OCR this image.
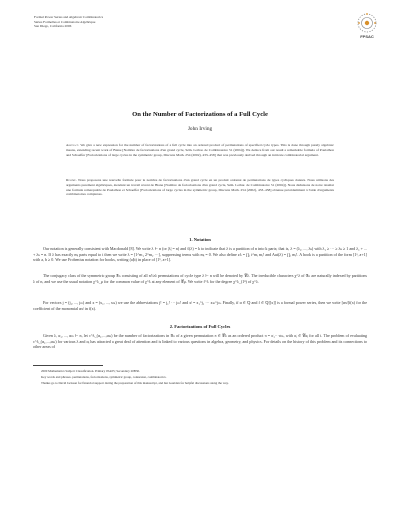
Formal Power Series and Algebraic Combinatorics
Séries Formelles et Combinatoire Algébrique
San Diego, California 2006
FPSAC
On the Number of Factorizations of a Full Cycle
John Irving
Abstract. We give a new expression for the number of factorizations of a full cycle into an ordered product of permutations of specified cycle types. This is done through purely algebraic means, extending recent work of Biane [Nombre de factorisations d'un grand cycle, Sém. Lothar. de Combinatoire 51 (2004)]. We deduce from our result a remarkable formula of Poulalhon and Schaeffer [Factorizations of large cycles in the symmetric group, Discrete Math. 254 (2002), 433–458] that was previously derived through an intricate combinatorial argument.
Résumé. Nous proposons une nouvelle formule pour le nombre de factorisations d'un grand cycle en un produit ordonné de permutations de types cycliques donnés. Nous utilisons des arguments purement algébriques, étendant un travail récent de Biane [Nombre de factorisations d'un grand cycle, Sém. Lothar. de Combinatoire 51 (2004)]. Nous déduisons de notre résultat une formule remarquable de Poulalhon et Schaeffer [Factorizations of large cycles in the symmetric group, Discrete Math. 254 (2002), 433–458] obtenue précédemment à l'aide d'arguments combinatoires complexes.
1. Notation
Our notation is generally consistent with Macdonald [8]. We write λ ⊢ n (or |λ| = n) and ℓ(λ) = k to indicate that λ is a partition of n into k parts; that is, λ = (λ₁, ..., λₖ) with λ₁ ≥ ··· ≥ λₖ ≥ 1 and λ₁ + ... + λₖ = n. If λ has exactly mᵢ parts equal to i then we write λ = [1^m₁ 2^m₂ ···], suppressing terms with mᵢ = 0. We also define zλ = ∏ᵢ i^mᵢ mᵢ! and Aut(λ) = ∏ᵢ mᵢ!. A hook is a partition of the form [1ᵃ, a+1] with a, b ≥ 0. We use Frobenius notation for hooks, writing (a|b) in place of [1ᵇ, a+1].
The conjugacy class of the symmetric group 𝔖ₙ consisting of all n!/zλ permutations of cycle type λ ⊢ n will be denoted by 𝒞λ. The irreducible characters χ^λ of 𝔖ₙ are naturally indexed by partitions λ of n, and we use the usual notation χ^λ_μ for the common value of χ^λ at any element of 𝒞μ. We write f^λ for the degree χ^λ_(1ⁿ) of χ^λ.
For vectors j = (j₁, ..., jₘ) and x = (x₁, ..., xₘ) we use the abbreviations j! = j₁! ··· jₘ! and xʲ = x₁^j₁ ··· xₘ^jₘ. Finally, if α ∈ ℚ and f ∈ ℚ[[x]] is a formal power series, then we write [αxʲ]f(x) for the coefficient of the monomial αxʲ in f(x).
2. Factorizations of Full Cycles
Given λ, α₁, ..., αₘ ⊢ n, let c^λ_(α₁,...,αₘ) be the number of factorizations in 𝔖ₙ of a given permutation π ∈ 𝒞λ as an ordered product π = σ₁···σₘ, with σᵢ ∈ 𝒞αᵢ for all i. The problem of evaluating c^λ_(α₁,...,αₘ) for various λ and αᵢ has attracted a great deal of attention and is linked to various questions in algebra, geometry, and physics. For details on the history of this problem and its connections to other areas of
2000 Mathematics Subject Classification. Primary 05A05; Secondary 20B30.
Key words and phrases. permutations, factorizations, symmetric group, connexion, combinatorics.
Thanks go to David Jackson for financial support during the preparation of this manuscript, and Ian Goulden for helpful discussions along the way.
